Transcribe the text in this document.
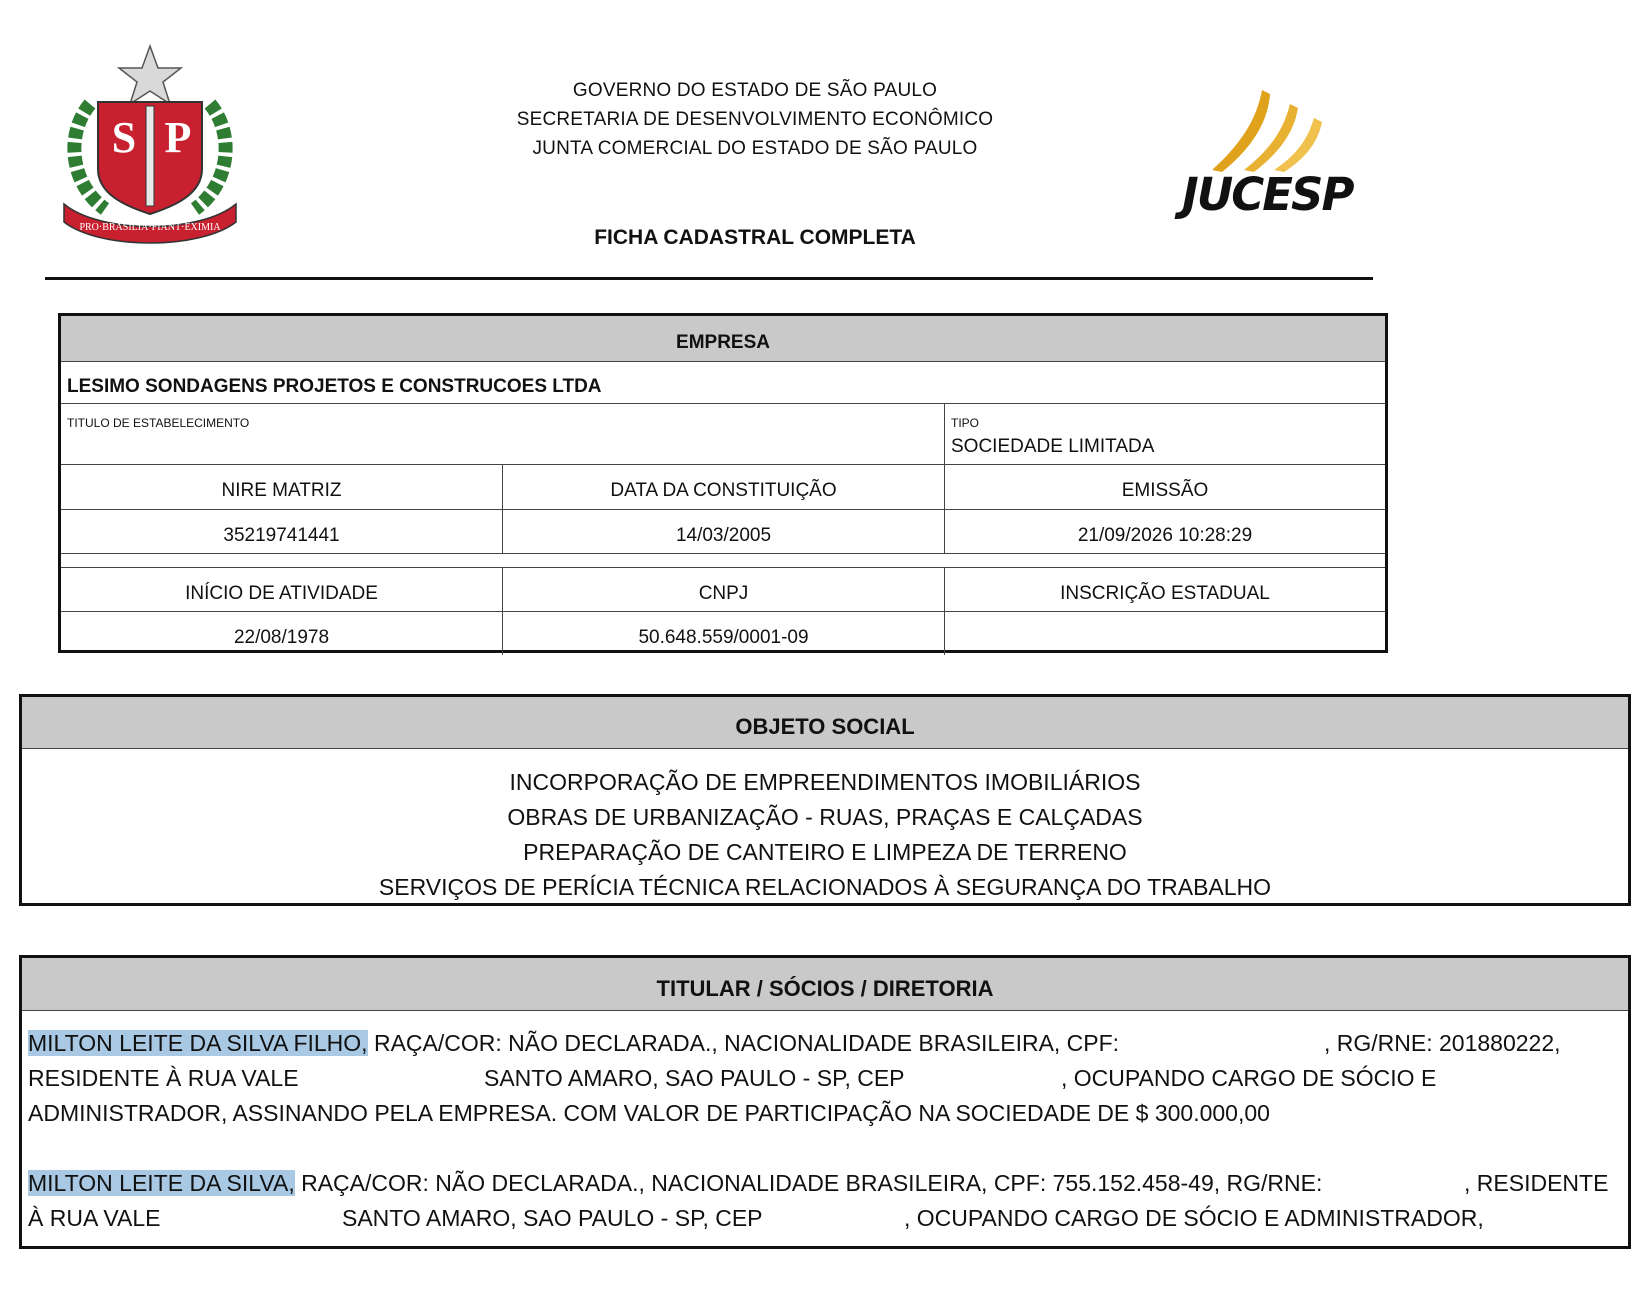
S P
PRO·BRASILIA·FIANT·EXIMIA
GOVERNO DO ESTADO DE SÃO PAULO
SECRETARIA DE DESENVOLVIMENTO ECONÔMICO
JUNTA COMERCIAL DO ESTADO DE SÃO PAULO
FICHA CADASTRAL COMPLETA
JUCESP
EMPRESA
LESIMO SONDAGENS PROJETOS E CONSTRUCOES LTDA
TITULO DE ESTABELECIMENTO	TIPO
SOCIEDADE LIMITADA
NIRE MATRIZ	DATA DA CONSTITUIÇÃO	EMISSÃO
35219741441	14/03/2005	21/09/2026 10:28:29
INÍCIO DE ATIVIDADE	CNPJ	INSCRIÇÃO ESTADUAL
22/08/1978	50.648.559/0001-09
OBJETO SOCIAL
INCORPORAÇÃO DE EMPREENDIMENTOS IMOBILIÁRIOS
OBRAS DE URBANIZAÇÃO - RUAS, PRAÇAS E CALÇADAS
PREPARAÇÃO DE CANTEIRO E LIMPEZA DE TERRENO
SERVIÇOS DE PERÍCIA TÉCNICA RELACIONADOS À SEGURANÇA DO TRABALHO
TITULAR / SÓCIOS / DIRETORIA
MILTON LEITE DA SILVA FILHO, RAÇA/COR: NÃO DECLARADA., NACIONALIDADE BRASILEIRA, CPF:	, RG/RNE: 201880222,
RESIDENTE À RUA VALE	SANTO AMARO, SAO PAULO - SP, CEP	, OCUPANDO CARGO DE SÓCIO E
ADMINISTRADOR, ASSINANDO PELA EMPRESA. COM VALOR DE PARTICIPAÇÃO NA SOCIEDADE DE $ 300.000,00
MILTON LEITE DA SILVA, RAÇA/COR: NÃO DECLARADA., NACIONALIDADE BRASILEIRA, CPF: 755.152.458-49, RG/RNE:	, RESIDENTE
À RUA VALE	SANTO AMARO, SAO PAULO - SP, CEP	, OCUPANDO CARGO DE SÓCIO E ADMINISTRADOR,
